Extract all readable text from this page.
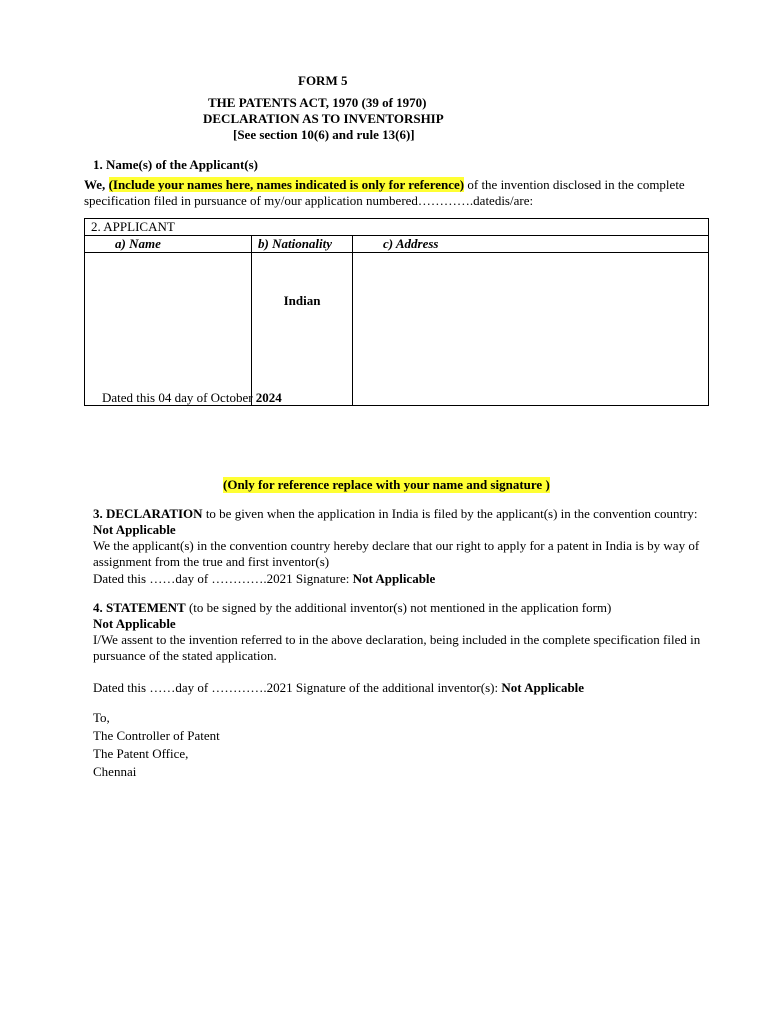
FORM 5
THE PATENTS ACT, 1970 (39 of 1970)
DECLARATION AS TO INVENTORSHIP
[See section 10(6) and rule 13(6)]
1. Name(s) of the Applicant(s)
We, (Include your names here, names indicated is only for reference) of the invention disclosed in the complete
specification filed in pursuance of my/our application numbered………….datedis/are:
2. APPLICANT		
a) Name	b) Nationality	c) Address
	Indian	
Dated this 04 day of October 2024
(Only for reference replace with your name and signature )
3. DECLARATION to be given when the application in India is filed by the applicant(s) in the convention country:
Not Applicable
We the applicant(s) in the convention country hereby declare that our right to apply for a patent in India is by way of
assignment from the true and first inventor(s)
Dated this ……day of ………….2021 Signature: Not Applicable
4. STATEMENT (to be signed by the additional inventor(s) not mentioned in the application form)
Not Applicable
I/We assent to the invention referred to in the above declaration, being included in the complete specification filed in
pursuance of the stated application.
Dated this ……day of ………….2021 Signature of the additional inventor(s): Not Applicable
To,
The Controller of Patent
The Patent Office,
Chennai
